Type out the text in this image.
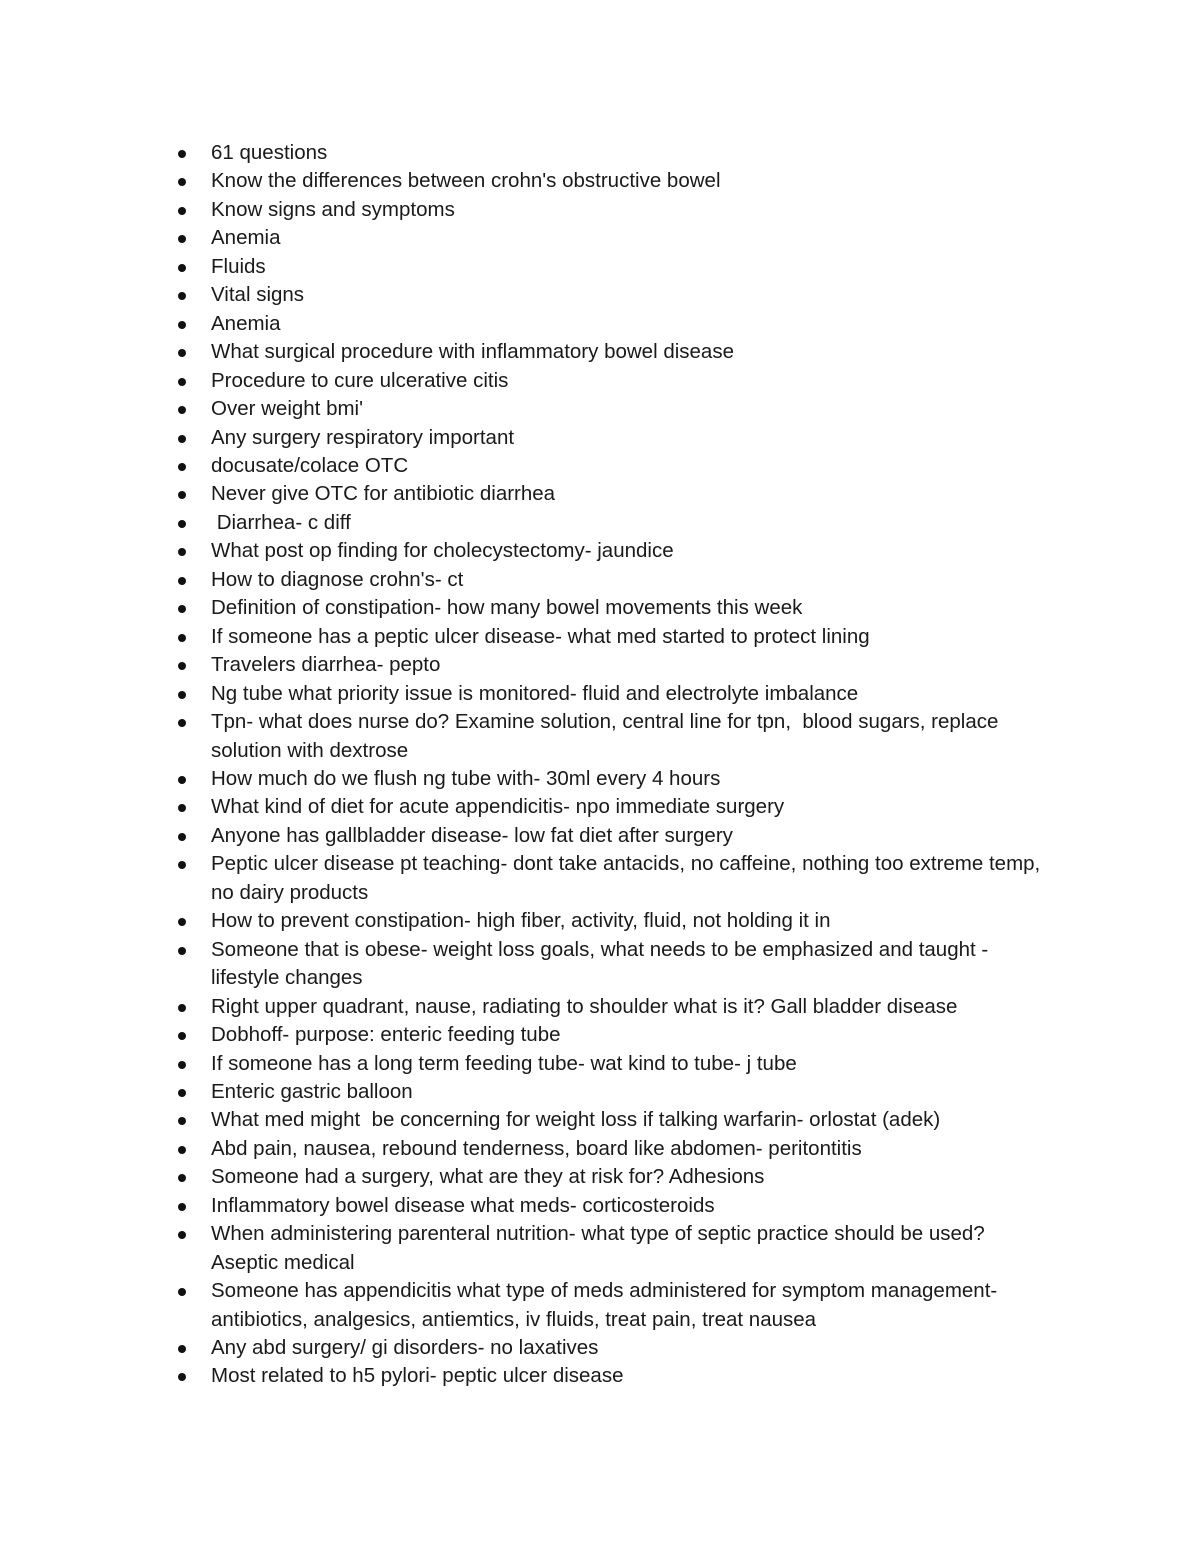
61 questions
Know the differences between crohn's obstructive bowel
Know signs and symptoms
Anemia
Fluids
Vital signs
Anemia
What surgical procedure with inflammatory bowel disease
Procedure to cure ulcerative citis
Over weight bmi'
Any surgery respiratory important
docusate/colace OTC
Never give OTC for antibiotic diarrhea
Diarrhea- c diff
What post op finding for cholecystectomy- jaundice
How to diagnose crohn's- ct
Definition of constipation- how many bowel movements this week
If someone has a peptic ulcer disease- what med started to protect lining
Travelers diarrhea- pepto
Ng tube what priority issue is monitored- fluid and electrolyte imbalance
Tpn- what does nurse do? Examine solution, central line for tpn,  blood sugars, replace solution with dextrose
How much do we flush ng tube with- 30ml every 4 hours
What kind of diet for acute appendicitis- npo immediate surgery
Anyone has gallbladder disease- low fat diet after surgery
Peptic ulcer disease pt teaching- dont take antacids, no caffeine, nothing too extreme temp, no dairy products
How to prevent constipation- high fiber, activity, fluid, not holding it in
Someone that is obese- weight loss goals, what needs to be emphasized and taught - lifestyle changes
Right upper quadrant, nause, radiating to shoulder what is it? Gall bladder disease
Dobhoff- purpose: enteric feeding tube
If someone has a long term feeding tube- wat kind to tube- j tube
Enteric gastric balloon
What med might  be concerning for weight loss if talking warfarin- orlostat (adek)
Abd pain, nausea, rebound tenderness, board like abdomen- peritontitis
Someone had a surgery, what are they at risk for? Adhesions
Inflammatory bowel disease what meds- corticosteroids
When administering parenteral nutrition- what type of septic practice should be used? Aseptic medical
Someone has appendicitis what type of meds administered for symptom management- antibiotics, analgesics, antiemtics, iv fluids, treat pain, treat nausea
Any abd surgery/ gi disorders- no laxatives
Most related to h5 pylori- peptic ulcer disease
